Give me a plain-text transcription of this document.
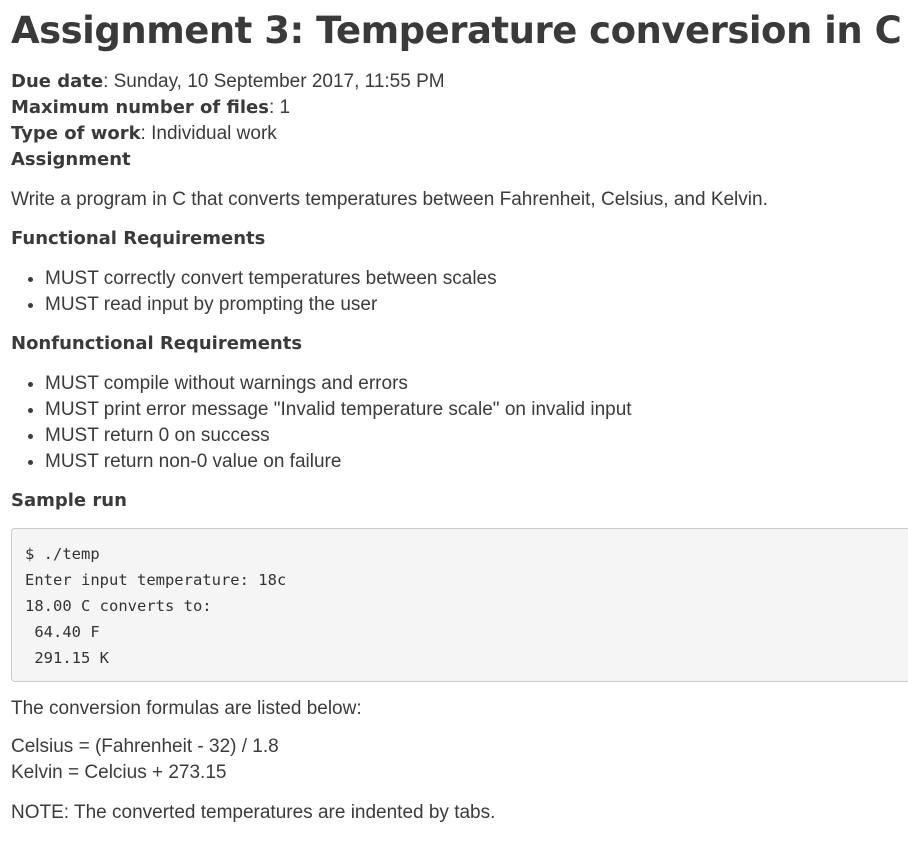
Assignment 3: Temperature conversion in C
Due date: Sunday, 10 September 2017, 11:55 PM
Maximum number of files: 1
Type of work: Individual work
Assignment

Write a program in C that converts temperatures between Fahrenheit, Celsius, and Kelvin.

Functional Requirements
• MUST correctly convert temperatures between scales
• MUST read input by prompting the user
Nonfunctional Requirements
• MUST compile without warnings and errors
• MUST print error message "Invalid temperature scale" on invalid input
• MUST return 0 on success
• MUST return non-0 value on failure
Sample run
$ ./temp
Enter input temperature: 18c
18.00 C converts to:
64.40 F
291.15 K

The conversion formulas are listed below:

Celsius = (Fahrenheit - 32) / 1.8
Kelvin = Celcius + 273.15

NOTE: The converted temperatures are indented by tabs.
